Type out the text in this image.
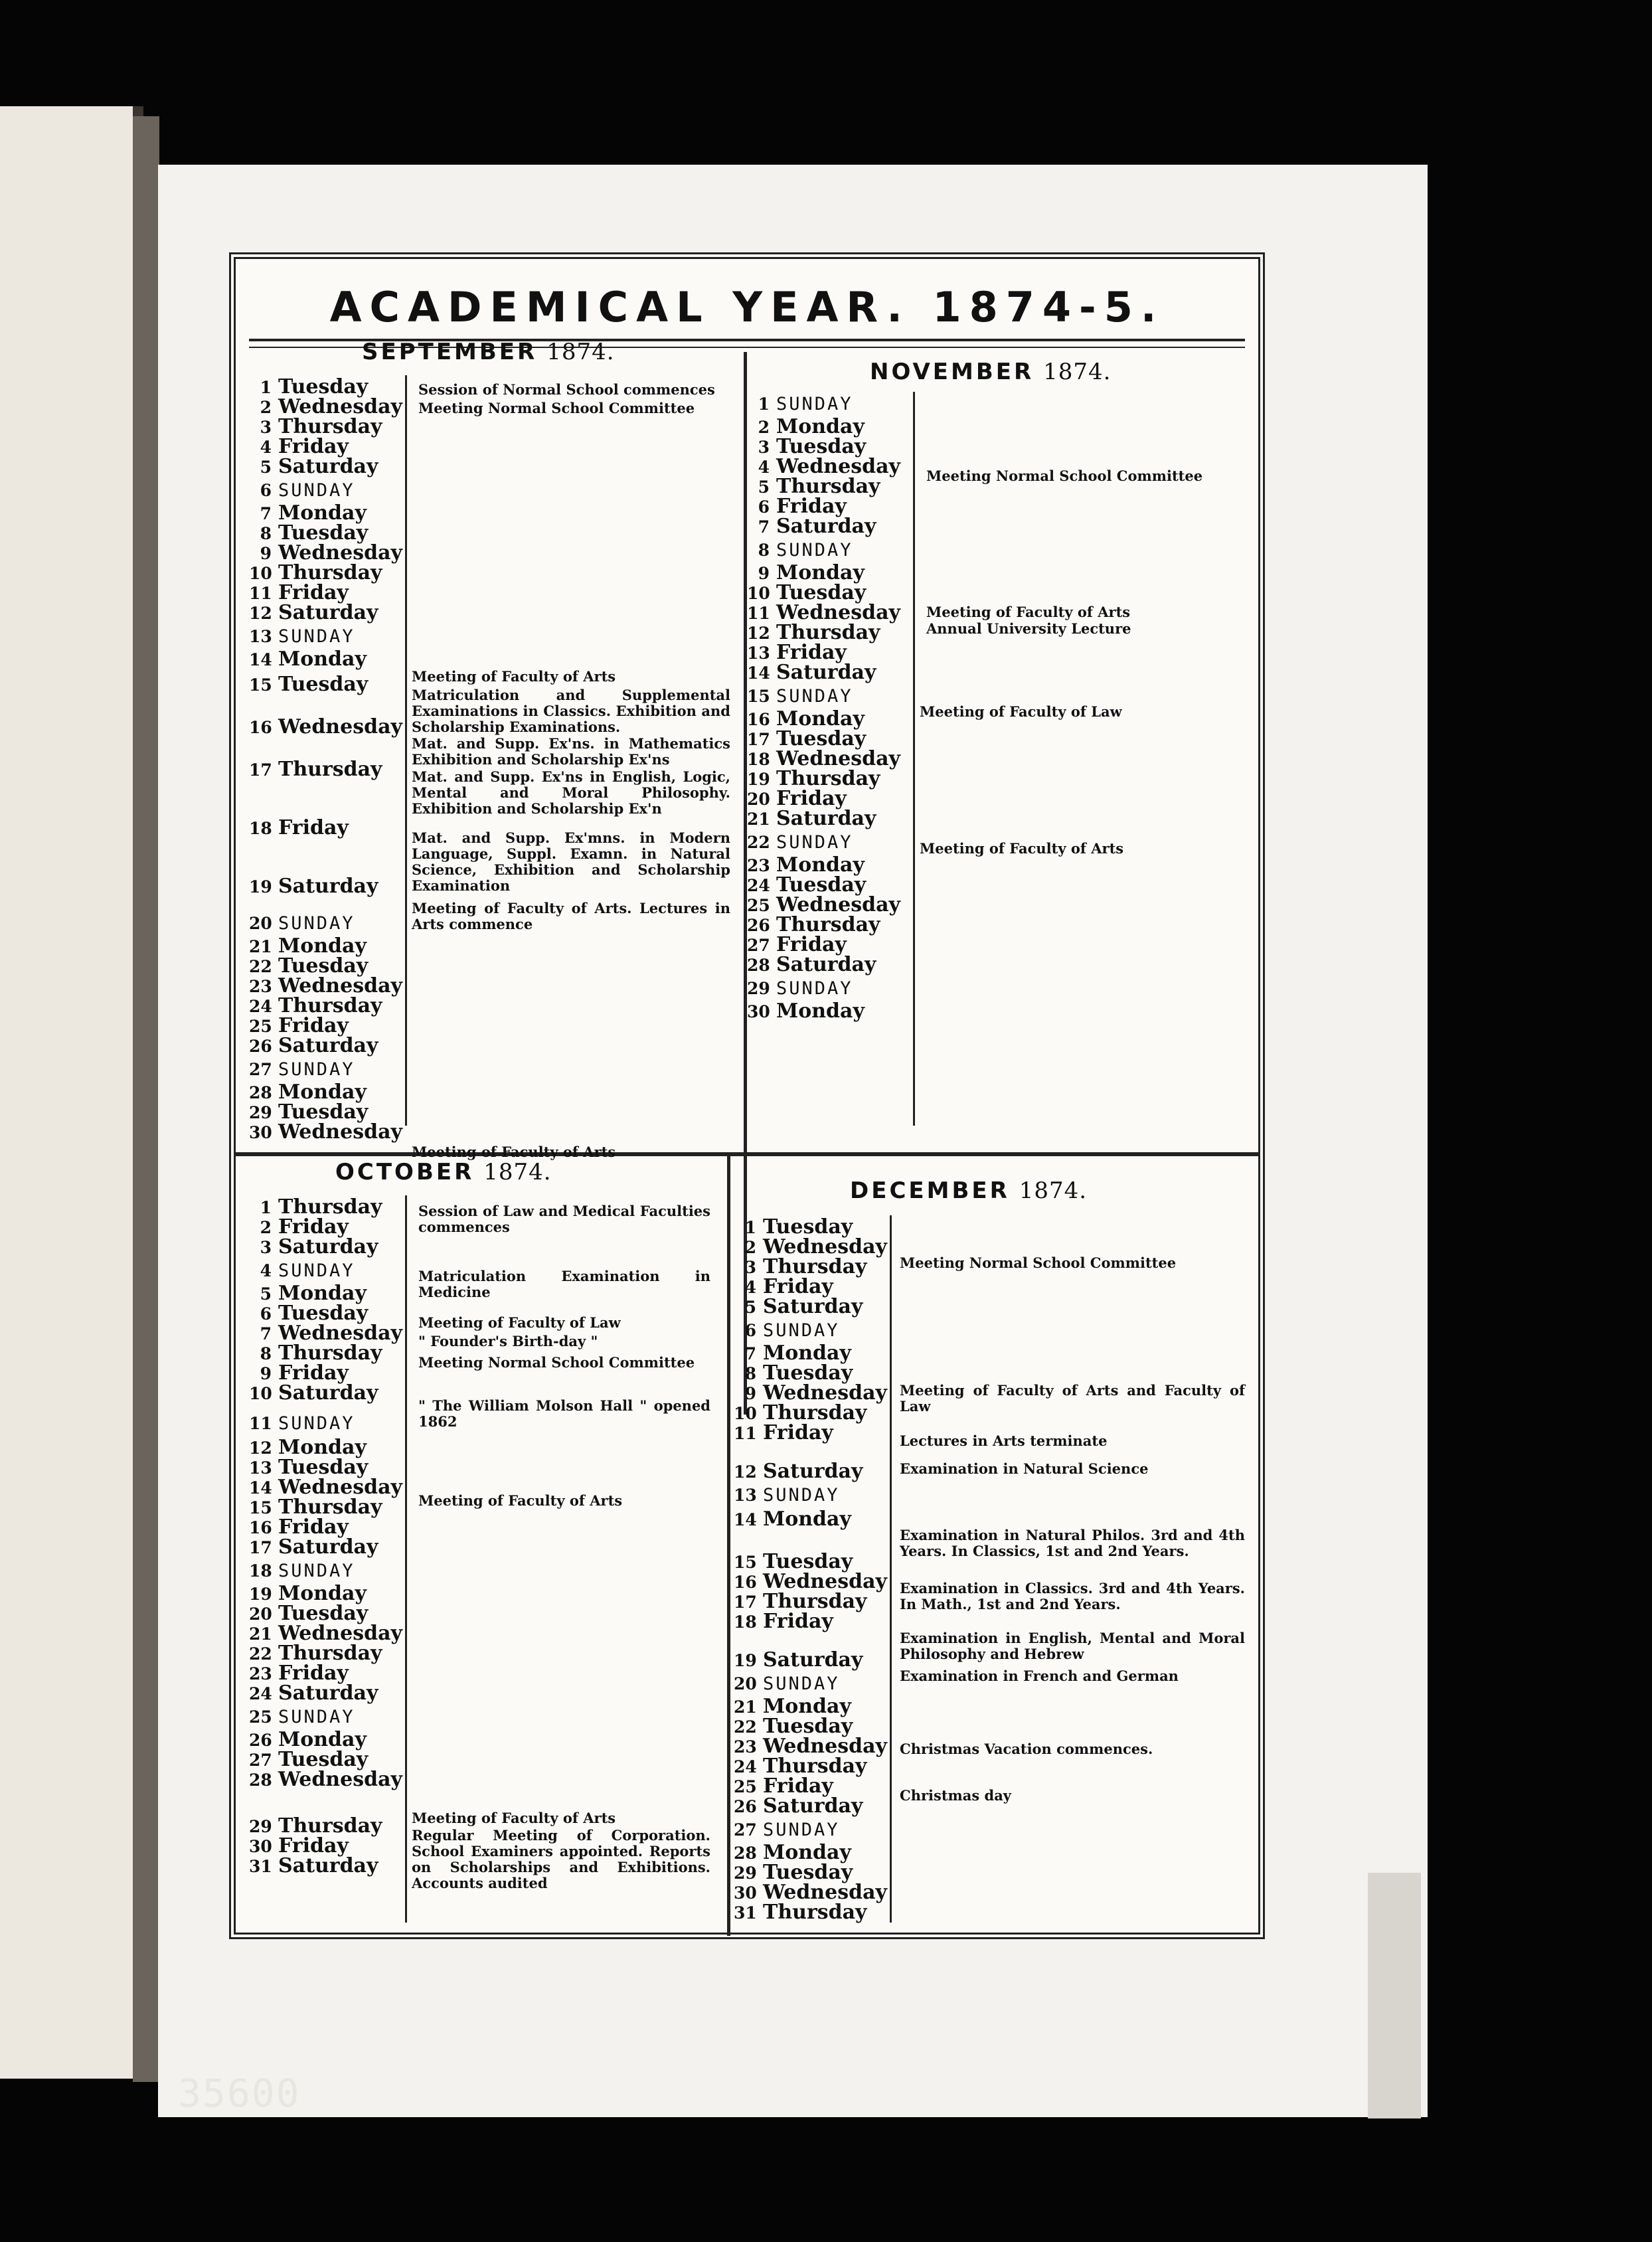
ACADEMICAL YEAR. 1874-5.
SEPTEMBER 1874.
1 Tuesday
2 Wednesday
3 Thursday
4 Friday
5 Saturday
6 SUNDAY
7 Monday
8 Tuesday
9 Wednesday
10 Thursday
11 Friday
12 Saturday
13 SUNDAY
14 Monday
15 Tuesday
16 Wednesday
17 Thursday
18 Friday
19 Saturday
20 SUNDAY
21 Monday
22 Tuesday
23 Wednesday
24 Thursday
25 Friday
26 Saturday
27 SUNDAY
28 Monday
29 Tuesday
30 Wednesday
Session of Normal School commences
Meeting Normal School Committee
Meeting of Faculty of Arts
Matriculation and Supplemental Examinations in Classics. Exhibition and Scholarship Examinations.
Mat. and Supp. Ex'ns. in Mathematics Exhibition and Scholarship Ex'ns
Mat. and Supp. Ex'ns in English, Logic, Mental and Moral Philosophy. Exhibition and Scholarship Ex'n
Mat. and Supp. Ex'mns. in Modern Language, Suppl. Examn. in Natural Science, Exhibition and Scholarship Examination
Meeting of Faculty of Arts. Lectures in Arts commence
Meeting of Faculty of Arts
NOVEMBER 1874.
1 SUNDAY
2 Monday
3 Tuesday
4 Wednesday
5 Thursday
6 Friday
7 Saturday
8 SUNDAY
9 Monday
10 Tuesday
11 Wednesday
12 Thursday
13 Friday
14 Saturday
15 SUNDAY
16 Monday
17 Tuesday
18 Wednesday
19 Thursday
20 Friday
21 Saturday
22 SUNDAY
23 Monday
24 Tuesday
25 Wednesday
26 Thursday
27 Friday
28 Saturday
29 SUNDAY
30 Monday
Meeting Normal School Committee
Meeting of Faculty of Arts
Annual University Lecture
Meeting of Faculty of Law
Meeting of Faculty of Arts
OCTOBER 1874.
1 Thursday
2 Friday
3 Saturday
4 SUNDAY
5 Monday
6 Tuesday
7 Wednesday
8 Thursday
9 Friday
10 Saturday
11 SUNDAY
12 Monday
13 Tuesday
14 Wednesday
15 Thursday
16 Friday
17 Saturday
18 SUNDAY
19 Monday
20 Tuesday
21 Wednesday
22 Thursday
23 Friday
24 Saturday
25 SUNDAY
26 Monday
27 Tuesday
28 Wednesday
29 Thursday
30 Friday
31 Saturday
Session of Law and Medical Faculties commences
Matriculation Examination in Medicine
Meeting of Faculty of Law
" Founder's Birth-day "
Meeting Normal School Committee
" The William Molson Hall " opened 1862
Meeting of Faculty of Arts
Meeting of Faculty of Arts
Regular Meeting of Corporation. School Examiners appointed. Reports on Scholarships and Exhibitions. Accounts audited
DECEMBER 1874.
1 Tuesday
2 Wednesday
3 Thursday
4 Friday
5 Saturday
6 SUNDAY
7 Monday
8 Tuesday
9 Wednesday
10 Thursday
11 Friday
12 Saturday
13 SUNDAY
14 Monday
15 Tuesday
16 Wednesday
17 Thursday
18 Friday
19 Saturday
20 SUNDAY
21 Monday
22 Tuesday
23 Wednesday
24 Thursday
25 Friday
26 Saturday
27 SUNDAY
28 Monday
29 Tuesday
30 Wednesday
31 Thursday
Meeting Normal School Committee
Meeting of Faculty of Arts and Faculty of Law
Lectures in Arts terminate
Examination in Natural Science
Examination in Natural Philos. 3rd and 4th Years. In Classics, 1st and 2nd Years.
Examination in Classics. 3rd and 4th Years. In Math., 1st and 2nd Years.
Examination in English, Mental and Moral Philosophy and Hebrew
Examination in French and German
Christmas Vacation commences.
Christmas day
35600
